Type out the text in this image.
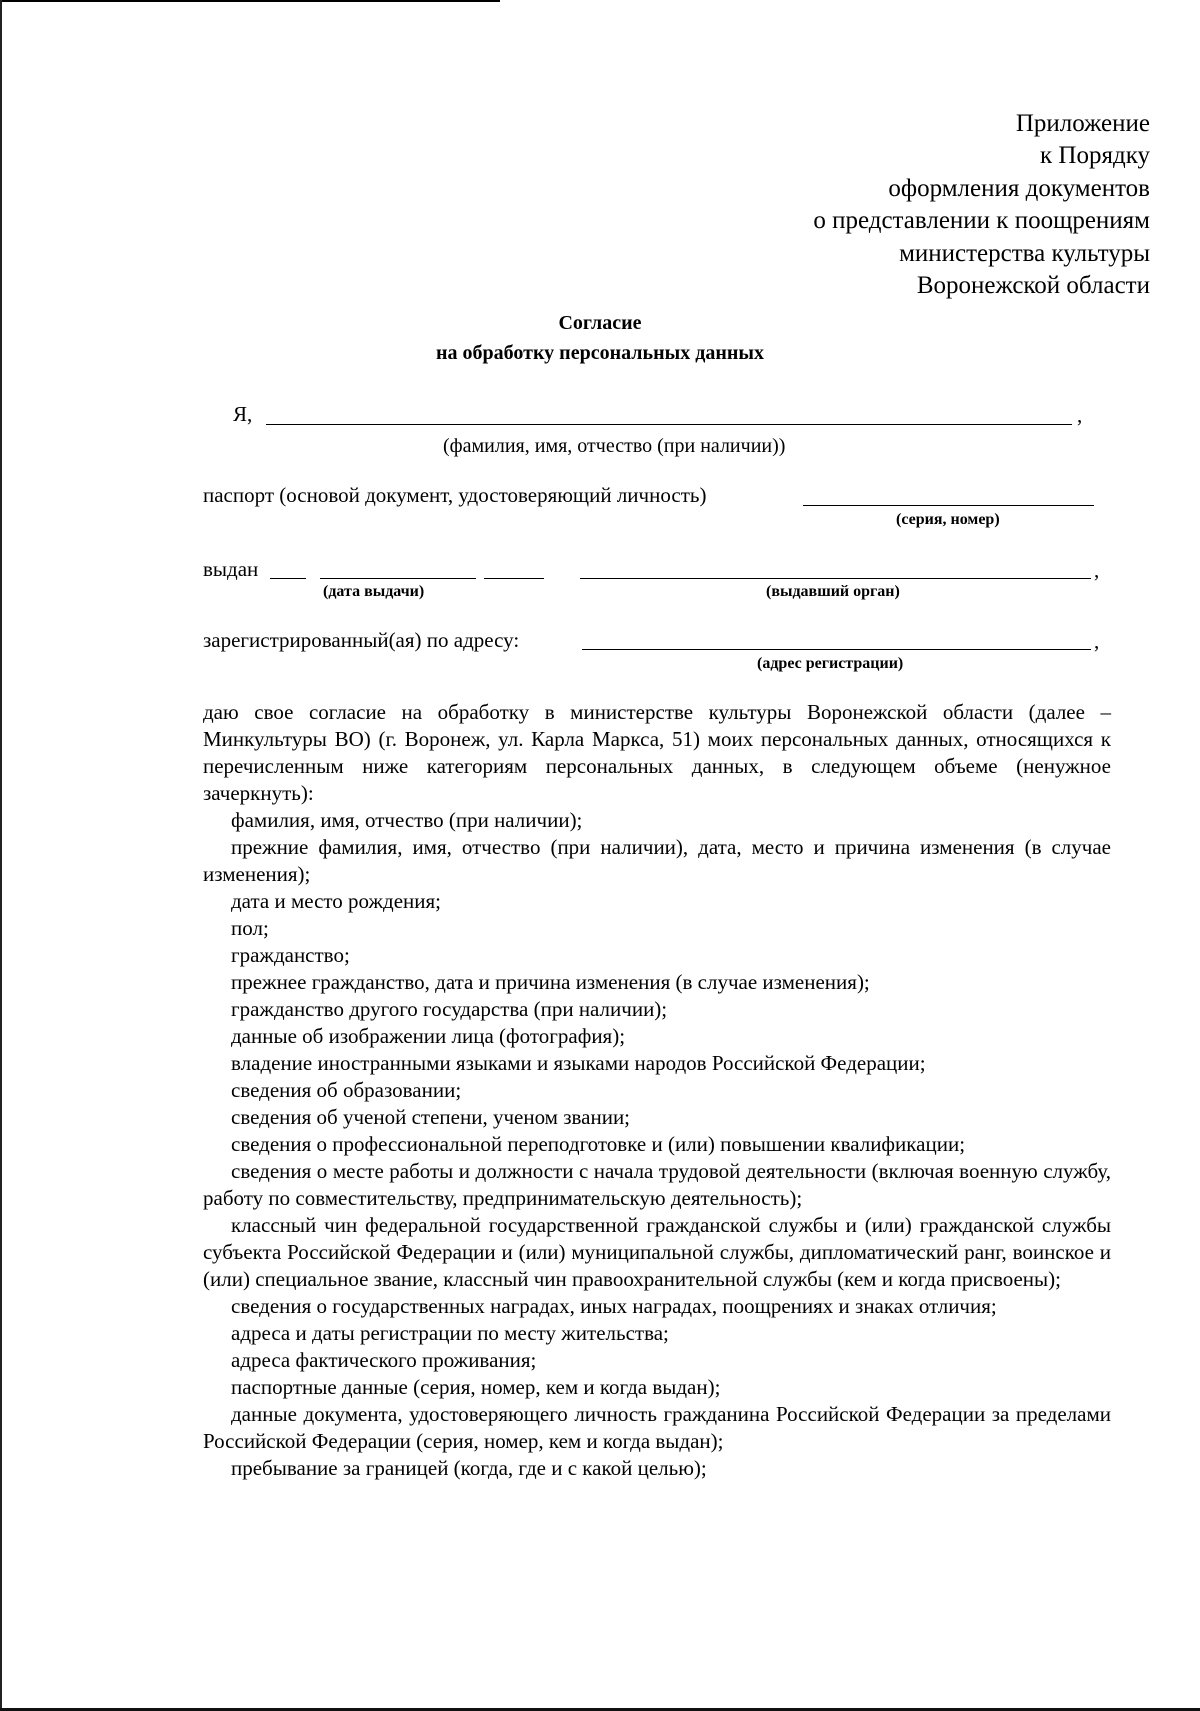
Приложение
к Порядку
оформления документов
о представлении к поощрениям
министерства культуры
Воронежской области
Согласие
на обработку персональных данных
Я,	,
(фамилия, имя, отчество (при наличии))
паспорт (основой документ, удостоверяющий личность)
(серия, номер)
выдан	,
(дата выдачи)	(выдавший орган)
зарегистрированный(ая) по адресу:	,
(адрес регистрации)

даю свое согласие на обработку в министерстве культуры Воронежской области (далее – Минкультуры ВО) (г. Воронеж, ул. Карла Маркса, 51) моих персональных данных, относящихся к перечисленным ниже категориям персональных данных, в следующем объеме (ненужное зачеркнуть):

фамилия, имя, отчество (при наличии);

прежние фамилия, имя, отчество (при наличии), дата, место и причина изменения (в случае изменения);

дата и место рождения;

пол;

гражданство;

прежнее гражданство, дата и причина изменения (в случае изменения);

гражданство другого государства (при наличии);

данные об изображении лица (фотография);

владение иностранными языками и языками народов Российской Федерации;

сведения об образовании;

сведения об ученой степени, ученом звании;

сведения о профессиональной переподготовке и (или) повышении квалификации;

сведения о месте работы и должности с начала трудовой деятельности (включая военную службу, работу по совместительству, предпринимательскую деятельность);

классный чин федеральной государственной гражданской службы и (или) гражданской службы субъекта Российской Федерации и (или) муниципальной службы, дипломатический ранг, воинское и (или) специальное звание, классный чин правоохранительной службы (кем и когда присвоены);

сведения о государственных наградах, иных наградах, поощрениях и знаках отличия;

адреса и даты регистрации по месту жительства;

адреса фактического проживания;

паспортные данные (серия, номер, кем и когда выдан);

данные документа, удостоверяющего личность гражданина Российской Федерации за пределами Российской Федерации (серия, номер, кем и когда выдан);

пребывание за границей (когда, где и с какой целью);
